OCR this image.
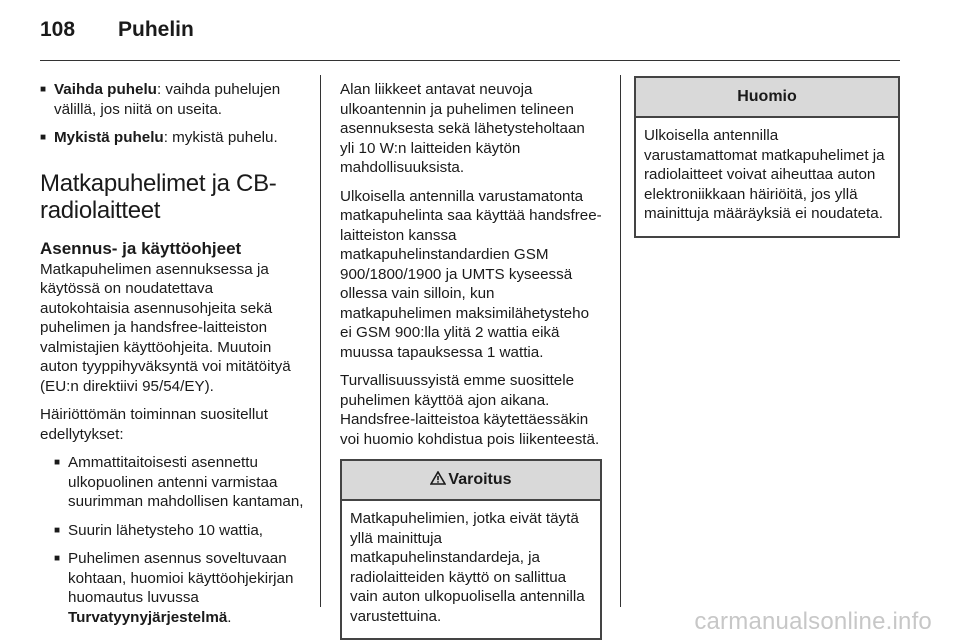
108 Puhelin
■ Vaihda puhelu: vaihda puhelujen välillä, jos niitä on useita.
■ Mykistä puhelu: mykistä puhelu.
Matkapuhelimet ja CB-radiolaitteet
Asennus- ja käyttöohjeet

Matkapuhelimen asennuksessa ja käytössä on noudatettava autokohtaisia asennusohjeita sekä puhelimen ja handsfree-laitteiston valmistajien käyttöohjeita. Muutoin auton tyyppihyväksyntä voi mitätöityä (EU:n direktiivi 95/54/EY).

Häiriöttömän toiminnan suositellut edellytykset:

■ Ammattitaitoisesti asennettu ulkopuolinen antenni varmistaa suurimman mahdollisen kantaman,
■ Suurin lähetysteho 10 wattia,
■ Puhelimen asennus soveltuvaan kohtaan, huomioi käyttöohjekirjan huomautus luvussa Turvatyynyjärjestelmä.

Alan liikkeet antavat neuvoja ulkoantennin ja puhelimen telineen asennuksesta sekä lähetysteholtaan yli 10 W:n laitteiden käytön mahdollisuuksista.

Ulkoisella antennilla varustamatonta matkapuhelinta saa käyttää handsfree-laitteiston kanssa matkapuhelinstandardien GSM 900/1800/1900 ja UMTS kyseessä ollessa vain silloin, kun matkapuhelimen maksimilähetysteho ei GSM 900:lla ylitä 2 wattia eikä muussa tapauksessa 1 wattia.

Turvallisuussyistä emme suosittele puhelimen käyttöä ajon aikana. Handsfree-laitteistoa käytettäessäkin voi huomio kohdistua pois liikenteestä.

Varoitus
Matkapuhelimien, jotka eivät täytä yllä mainittuja matkapuhelinstandardeja, ja radiolaitteiden käyttö on sallittua vain auton ulkopuolisella antennilla varustettuina.
Huomio
Ulkoisella antennilla varustamattomat matkapuhelimet ja radiolaitteet voivat aiheuttaa auton elektroniikkaan häiriöitä, jos yllä mainittuja määräyksiä ei noudateta.
carmanualsonline.info
